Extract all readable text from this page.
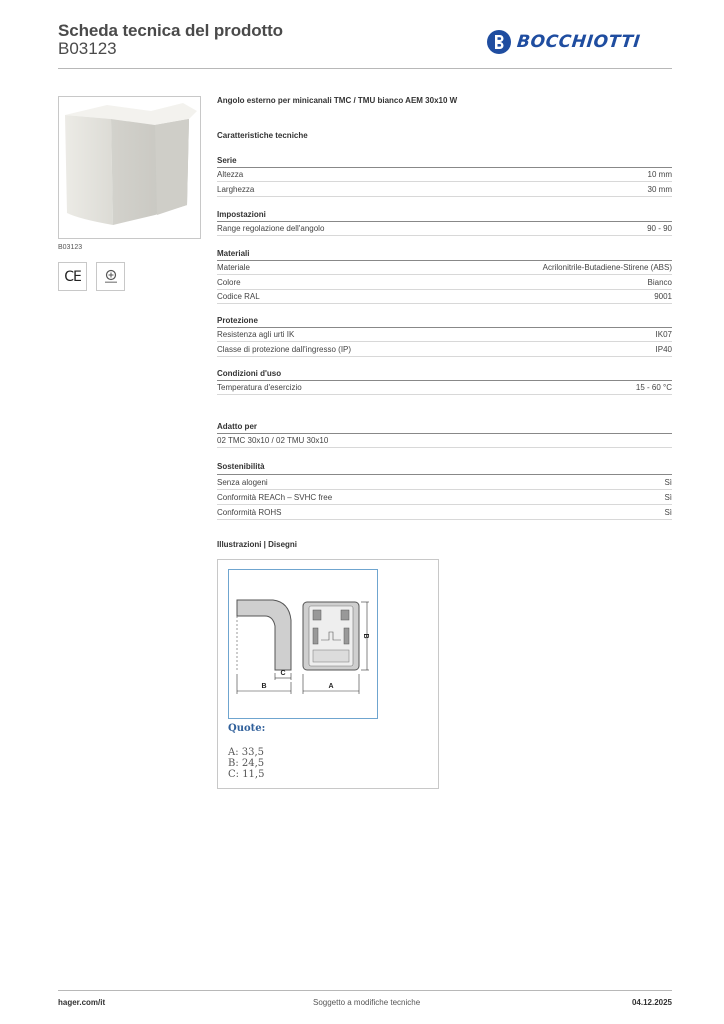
Scheda tecnica del prodotto
B03123	BOCCHIOTTI
B03123
CE
Angolo esterno per minicanali TMC / TMU bianco AEM 30x10 W
Caratteristiche tecniche
Serie
Altezza	10 mm
Larghezza	30 mm
Impostazioni
Range regolazione dell'angolo	90 - 90
Materiali
Materiale	Acrilonitrile-Butadiene-Stirene (ABS)
Colore	Bianco
Codice RAL	9001
Protezione
Resistenza agli urti IK	IK07
Classe di protezione dall'ingresso (IP)	IP40
Condizioni d'uso
Temperatura d'esercizio	15 - 60 °C
Adatto per
02 TMC 30x10 / 02 TMU 30x10
Sostenibilità
Senza alogeni	Sì
Conformità REACh – SVHC free	Sì
Conformità ROHS	Sì
Illustrazioni | Disegni
C
B
B
A
Quote:
A: 33,5
B: 24,5
C: 11,5
hager.com/it	Soggetto a modifiche tecniche	04.12.2025
